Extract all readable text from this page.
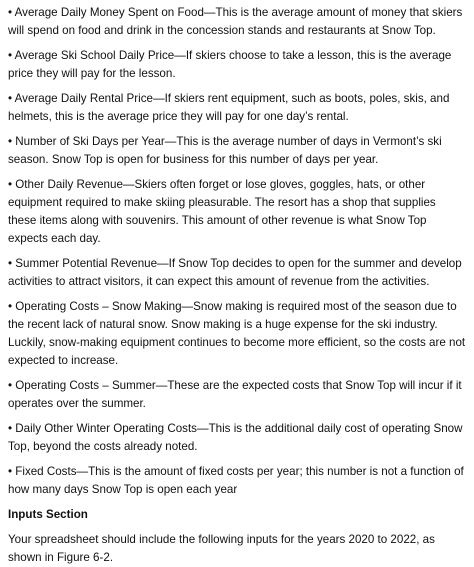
• Average Daily Money Spent on Food—This is the average amount of money that skiers will spend on food and drink in the concession stands and restaurants at Snow Top.

• Average Ski School Daily Price—If skiers choose to take a lesson, this is the average price they will pay for the lesson.

• Average Daily Rental Price—If skiers rent equipment, such as boots, poles, skis, and helmets, this is the average price they will pay for one day’s rental.

• Number of Ski Days per Year—This is the average number of days in Vermont’s ski season. Snow Top is open for business for this number of days per year.

• Other Daily Revenue—Skiers often forget or lose gloves, goggles, hats, or other equipment required to make skiing pleasurable. The resort has a shop that supplies these items along with souvenirs. This amount of other revenue is what Snow Top expects each day.

• Summer Potential Revenue—If Snow Top decides to open for the summer and develop activities to attract visitors, it can expect this amount of revenue from the activities.

• Operating Costs – Snow Making—Snow making is required most of the season due to the recent lack of natural snow. Snow making is a huge expense for the ski industry. Luckily, snow-making equipment continues to become more efficient, so the costs are not expected to increase.

• Operating Costs – Summer—These are the expected costs that Snow Top will incur if it operates over the summer.

• Daily Other Winter Operating Costs—This is the additional daily cost of operating Snow Top, beyond the costs already noted.

• Fixed Costs—This is the amount of fixed costs per year; this number is not a function of how many days Snow Top is open each year

Inputs Section

Your spreadsheet should include the following inputs for the years 2020 to 2022, as shown in Figure 6-2.
